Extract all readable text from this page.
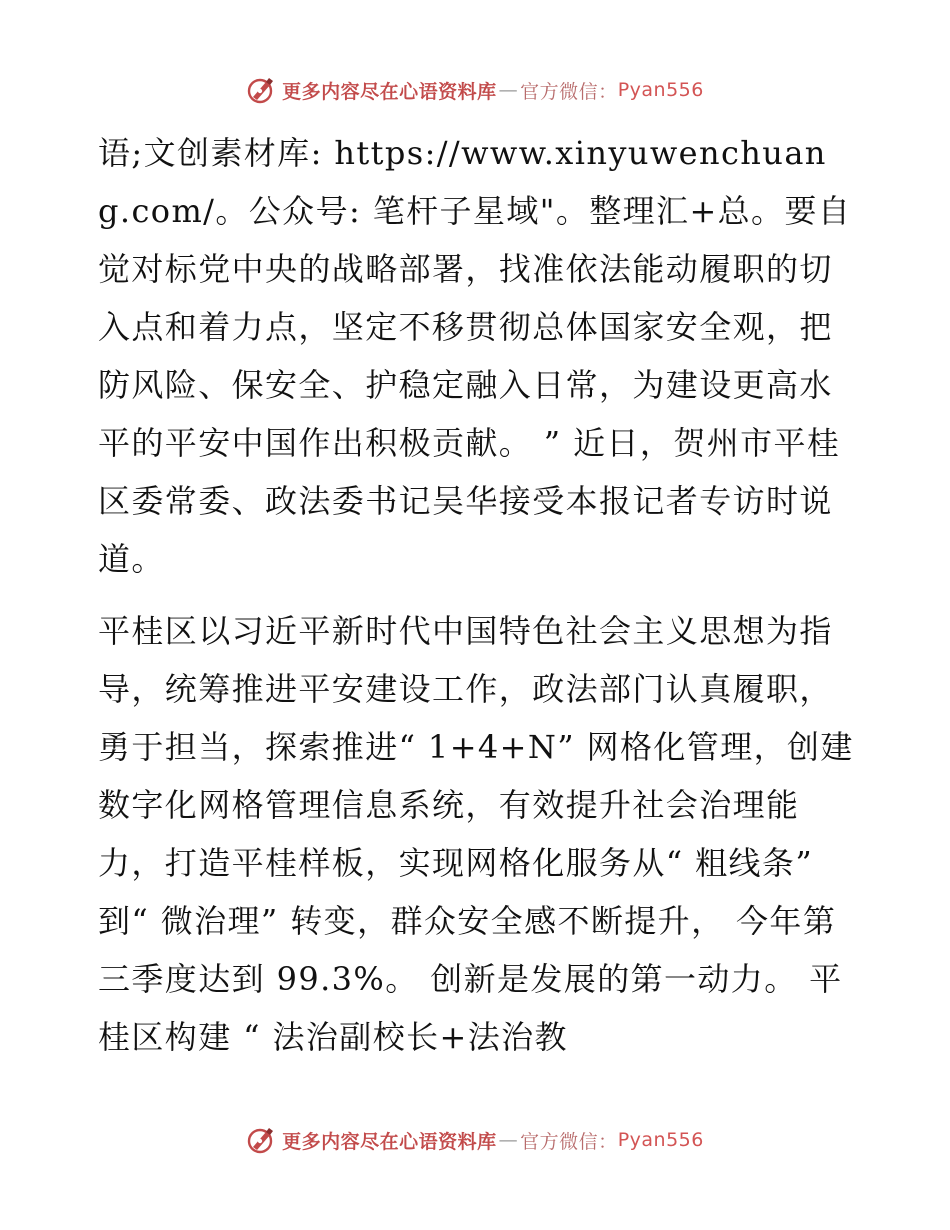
更多内容尽在心语资料库 — 官方微信 ： Pyan556

语;文创素材库: https://www.xinyuwenchuang.com/。公众号: 笔杆子星域"。整理汇+总。要自觉对标党中央的战略部署，找准依法能动履职的切入点和着力点，坚定不移贯彻总体国家安全观，把防风险、保安全、护稳定融入日常，为建设更高水平的平安中国作出积极贡献。 ” 近日，贺州市平桂区委常委、政法委书记吴华接受本报记者专访时说道。

平桂区以习近平新时代中国特色社会主义思想为指导，统筹推进平安建设工作，政法部门认真履职，勇于担当，探索推进“ 1+4+N” 网格化管理，创建数字化网格管理信息系统，有效提升社会治理能力，打造平桂样板，实现网格化服务从“ 粗线条” 到“ 微治理” 转变，群众安全感不断提升， 今年第三季度达到 99.3%。 创新是发展的第一动力。 平桂区构建 “ 法治副校长+法治教

更多内容尽在心语资料库 — 官方微信 ： Pyan556
